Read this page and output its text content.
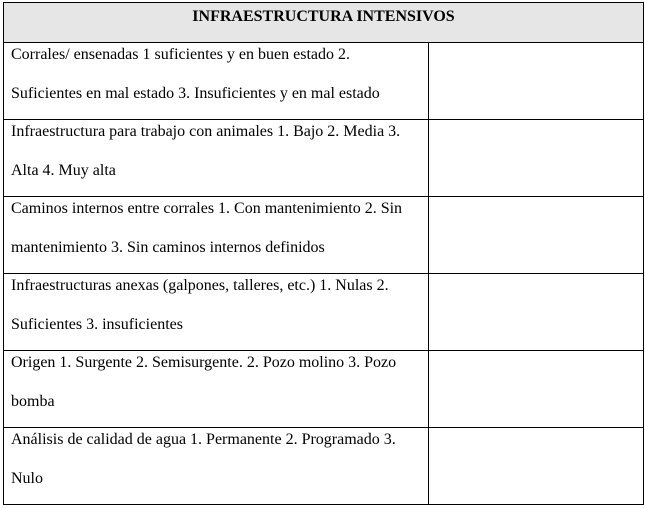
INFRAESTRUCTURA INTENSIVOS	

Corrales/ ensenadas 1 suficientes y en buen estado 2. Suficientes en mal estado 3. Insuficientes y en mal estado	

Infraestructura para trabajo con animales 1. Bajo 2. Media 3. Alta 4. Muy alta	

Caminos internos entre corrales 1. Con mantenimiento 2. Sin mantenimiento 3. Sin caminos internos definidos	

Infraestructuras anexas (galpones, talleres, etc.) 1. Nulas 2. Suficientes 3. insuficientes	

Origen 1. Surgente 2. Semisurgente. 2. Pozo molino 3. Pozo bomba	

Análisis de calidad de agua 1. Permanente 2. Programado 3. Nulo	
